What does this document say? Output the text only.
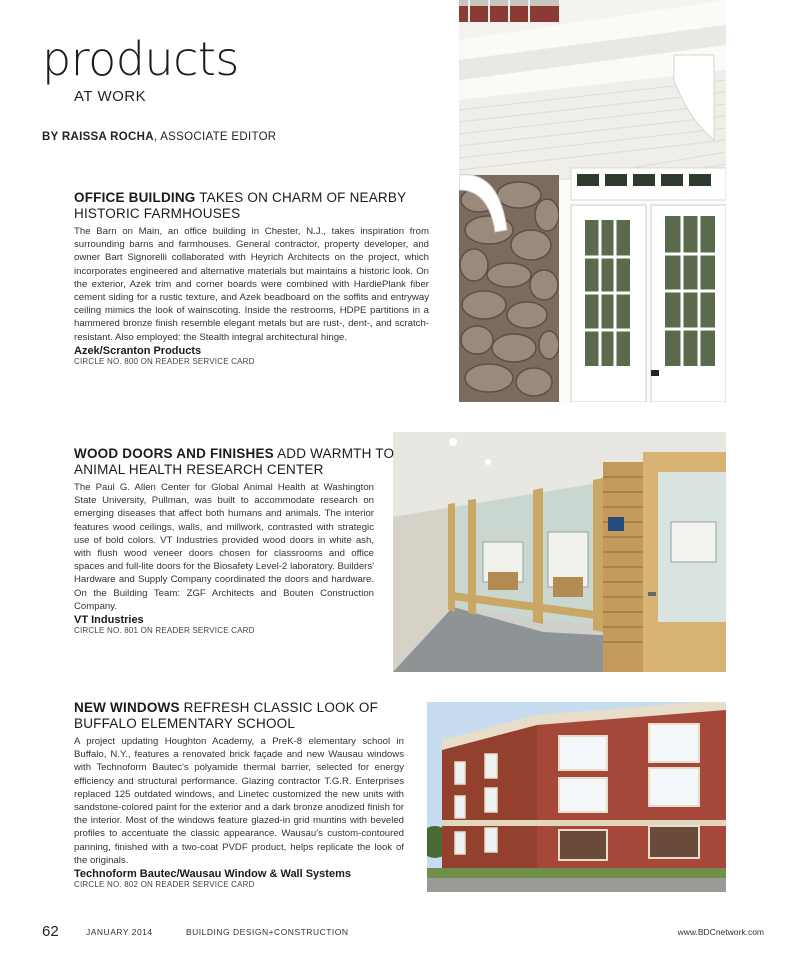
products
AT WORK
BY RAISSA ROCHA, ASSOCIATE EDITOR
OFFICE BUILDING TAKES ON CHARM OF NEARBY HISTORIC FARMHOUSES
The Barn on Main, an office building in Chester, N.J., takes inspiration from surrounding barns and farmhouses. General contractor, property developer, and owner Bart Signorelli collaborated with Heyrich Architects on the project, which incorporates engineered and alternative materials but maintains a historic look. On the exterior, Azek trim and corner boards were combined with HardiePlank fiber cement siding for a rustic texture, and Azek beadboard on the soffits and entryway ceiling mimics the look of wainscoting. Inside the restrooms, HDPE partitions in a hammered bronze finish resemble elegant metals but are rust-, dent-, and scratch-resistant. Also employed: the Stealth integral architectural hinge.
Azek/Scranton Products
CIRCLE NO. 800 ON READER SERVICE CARD
WOOD DOORS AND FINISHES ADD WARMTH TO ANIMAL HEALTH RESEARCH CENTER
The Paul G. Allen Center for Global Animal Health at Washington State University, Pullman, was built to accommodate research on emerging diseases that affect both humans and animals. The interior features wood ceilings, walls, and millwork, contrasted with strategic use of bold colors. VT Industries provided wood doors in white ash, with flush wood veneer doors chosen for classrooms and office spaces and full-lite doors for the Biosafety Level-2 laboratory. Builders' Hardware and Supply Company coordinated the doors and hardware. On the Building Team: ZGF Architects and Bouten Construction Company.
VT Industries
CIRCLE NO. 801 ON READER SERVICE CARD
NEW WINDOWS REFRESH CLASSIC LOOK OF BUFFALO ELEMENTARY SCHOOL
A project updating Houghton Academy, a PreK-8 elementary school in Buffalo, N.Y., features a renovated brick façade and new Wausau windows with Technoform Bautec's polyamide thermal barrier, selected for energy efficiency and structural performance. Glazing contractor T.G.R. Enterprises replaced 125 outdated windows, and Linetec customized the new units with sandstone-colored paint for the exterior and a dark bronze anodized finish for the interior. Most of the windows feature glazed-in grid muntins with beveled profiles to accentuate the classic appearance. Wausau's custom-contoured panning, finished with a two-coat PVDF product, helps replicate the look of the originals.
Technoform Bautec/Wausau Window & Wall Systems
CIRCLE NO. 802 ON READER SERVICE CARD
62	JANUARY 2014	BUILDING DESIGN+CONSTRUCTION	www.BDCnetwork.com
